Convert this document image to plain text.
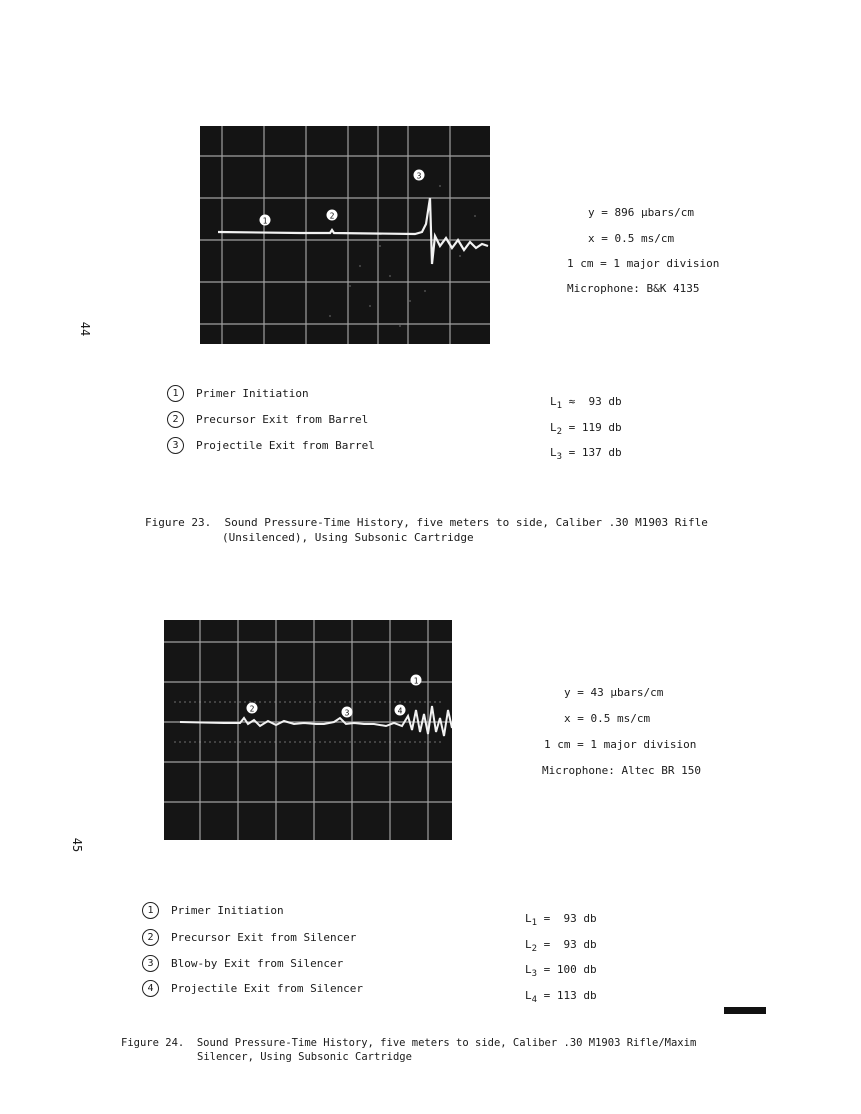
44
45
1
2
3
y = 896 µbars/cm
x = 0.5 ms/cm
1 cm = 1 major division
Microphone: B&K 4135
1	Primer Initiation
2	Precursor Exit from Barrel
3	Projectile Exit from Barrel
$L_1 \approx 93$ db
$L_2 = 119$ db
$L_3 = 137$ db
Figure 23.  Sound Pressure-Time History, five meters to side, Caliber .30 M1903 Rifle
(Unsilenced), Using Subsonic Cartridge
1
2	3	4
y = 43 µbars/cm
x = 0.5 ms/cm
1 cm = 1 major division
Microphone: Altec BR 150
1	Primer Initiation
2	Precursor Exit from Silencer
3	Blow-by Exit from Silencer
4	Projectile Exit from Silencer
$L_1 = 93$ db
$L_2 = 93$ db
$L_3 = 100$ db
$L_4 = 113$ db
Figure 24.  Sound Pressure-Time History, five meters to side, Caliber .30 M1903 Rifle/Maxim
Silencer, Using Subsonic Cartridge
